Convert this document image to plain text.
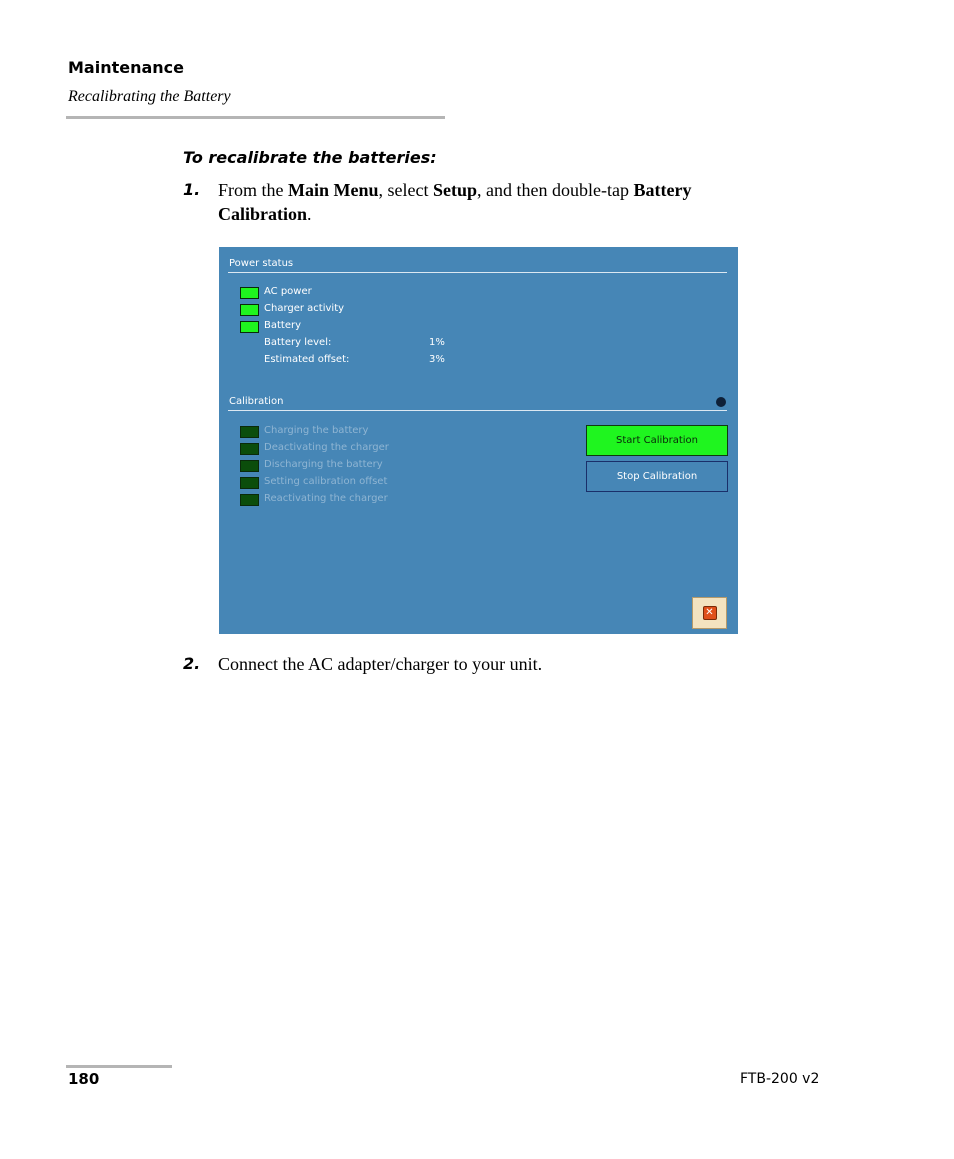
Maintenance
Recalibrating the Battery
To recalibrate the batteries:
1. From the Main Menu, select Setup, and then double-tap Battery Calibration.
Power status
AC power
Charger activity
Battery
Battery level:	1%
Estimated offset:	3%
Calibration
Charging the battery
Deactivating the charger
Discharging the battery
Setting calibration offset
Reactivating the charger
Start Calibration
Stop Calibration
✕
2. Connect the AC adapter/charger to your unit.
180	FTB-200 v2
